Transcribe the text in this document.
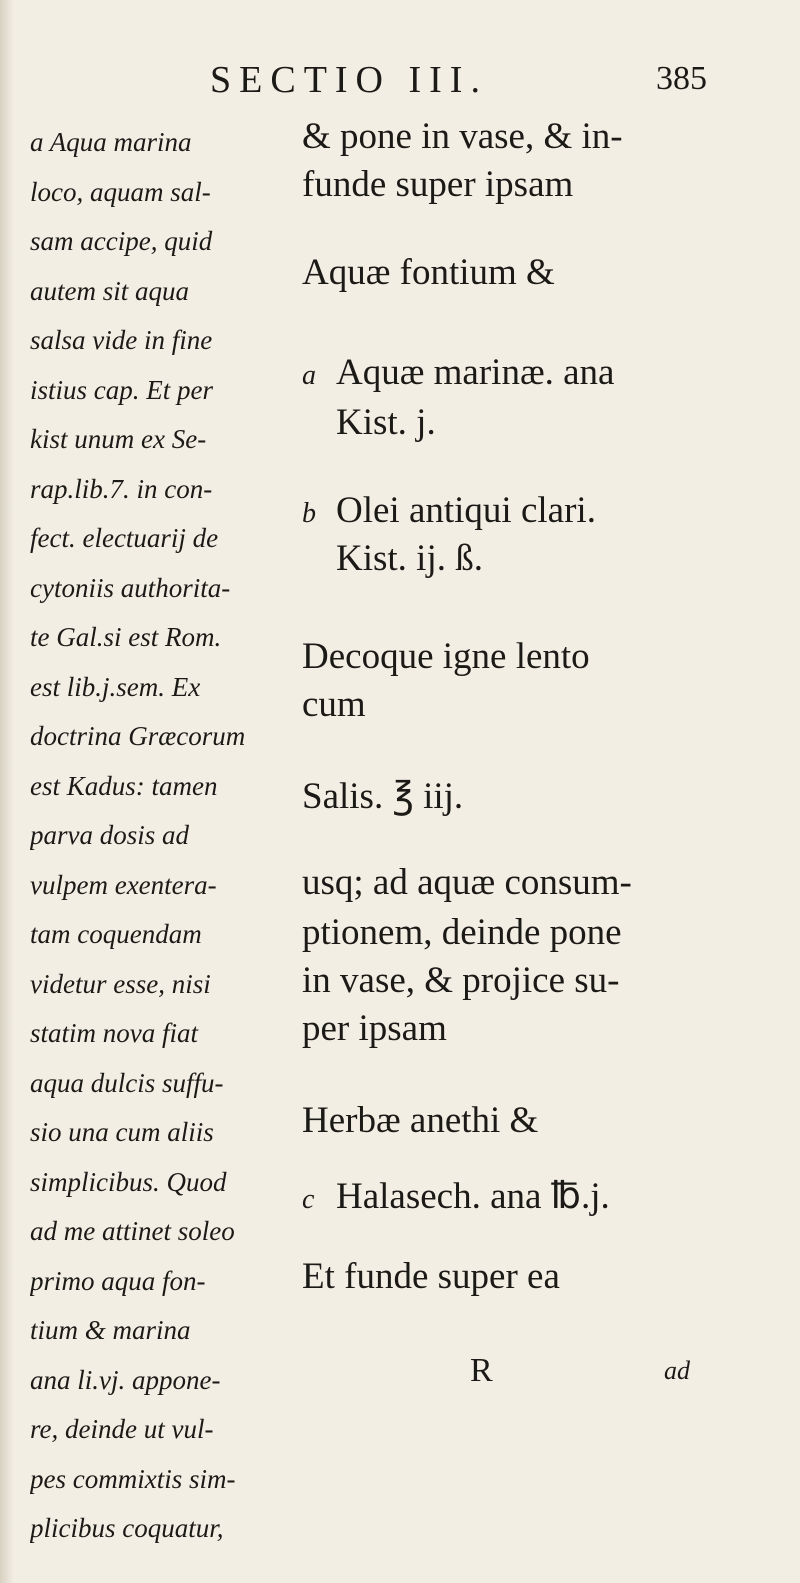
SECTIO III.	385
a Aqua marina
loco, aquam sal-
sam accipe, quid
autem sit aqua
salsa vide in fine
istius cap. Et per
kist unum ex Se-
rap.lib.7. in con-
fect. electuarij de
cytoniis authorita-
te Gal.si est Rom.
est lib.j.sem. Ex
doctrina Græcorum
est Kadus: tamen
parva dosis ad
vulpem exentera-
tam coquendam
videtur esse, nisi
statim nova fiat
aqua dulcis suffu-
sio una cum aliis
simplicibus. Quod
ad me attinet soleo
primo aqua fon-
tium & marina
ana li.vj. appone-
re, deinde ut vul-
pes commixtis sim-
plicibus coquatur,
& pone in vase, & in-
funde super ipsam
Aquæ fontium &
a Aquæ marinæ. ana
Kist. j.
b Olei antiqui clari.
Kist. ij. ß.
Decoque igne lento
cum
Salis. ℥ iij.
usq; ad aquæ consum-
ptionem, deinde pone
in vase, & projice su-
per ipsam
Herbæ anethi &
c Halasech. ana ℔.j.
Et funde super ea
R	ad
